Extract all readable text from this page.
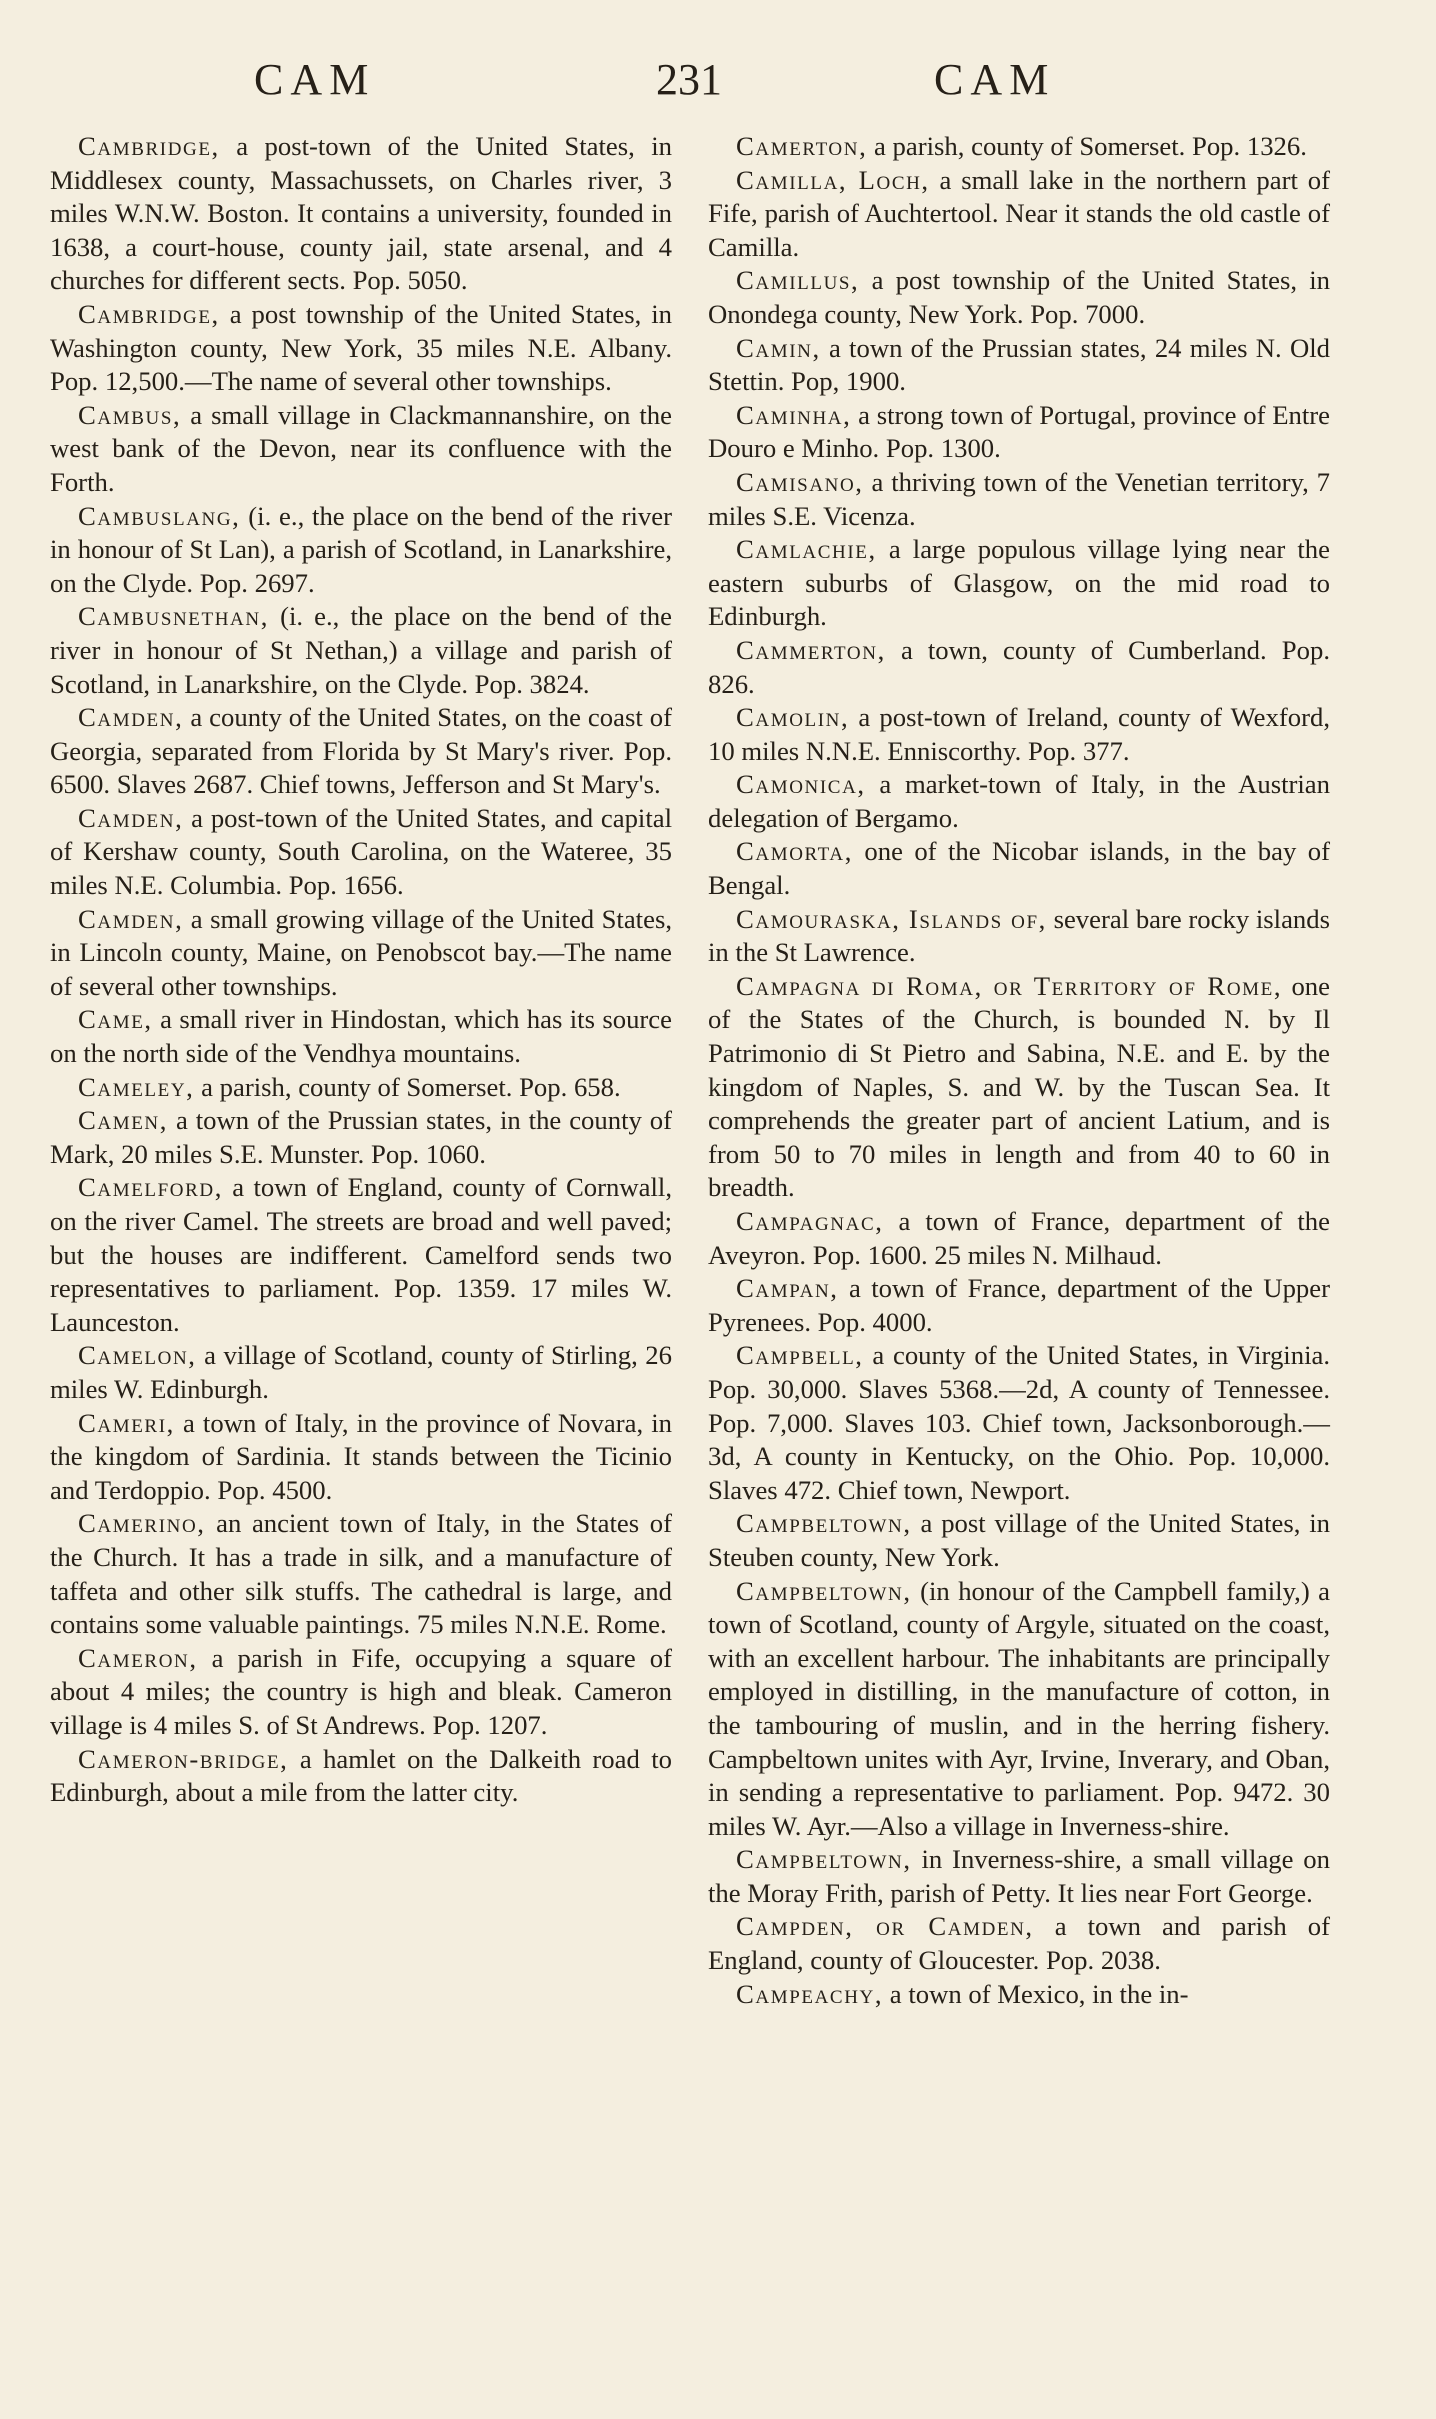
CAM	231	CAM

Cambridge, a post-town of the United States, in Middlesex county, Massachussets, on Charles river, 3 miles W.N.W. Boston. It contains a university, founded in 1638, a court-house, county jail, state arsenal, and 4 churches for different sects. Pop. 5050.

Cambridge, a post township of the United States, in Washington county, New York, 35 miles N.E. Albany. Pop. 12,500.—The name of several other townships.

Cambus, a small village in Clackmannanshire, on the west bank of the Devon, near its confluence with the Forth.

Cambuslang, (i. e., the place on the bend of the river in honour of St Lan), a parish of Scotland, in Lanarkshire, on the Clyde. Pop. 2697.

Cambusnethan, (i. e., the place on the bend of the river in honour of St Nethan,) a village and parish of Scotland, in Lanarkshire, on the Clyde. Pop. 3824.

Camden, a county of the United States, on the coast of Georgia, separated from Florida by St Mary's river. Pop. 6500. Slaves 2687. Chief towns, Jefferson and St Mary's.

Camden, a post-town of the United States, and capital of Kershaw county, South Carolina, on the Wateree, 35 miles N.E. Columbia. Pop. 1656.

Camden, a small growing village of the United States, in Lincoln county, Maine, on Penobscot bay.—The name of several other townships.

Came, a small river in Hindostan, which has its source on the north side of the Vendhya mountains.

Cameley, a parish, county of Somerset. Pop. 658.

Camen, a town of the Prussian states, in the county of Mark, 20 miles S.E. Munster. Pop. 1060.

Camelford, a town of England, county of Cornwall, on the river Camel. The streets are broad and well paved; but the houses are indifferent. Camelford sends two representatives to parliament. Pop. 1359. 17 miles W. Launceston.

Camelon, a village of Scotland, county of Stirling, 26 miles W. Edinburgh.

Cameri, a town of Italy, in the province of Novara, in the kingdom of Sardinia. It stands between the Ticinio and Terdoppio. Pop. 4500.

Camerino, an ancient town of Italy, in the States of the Church. It has a trade in silk, and a manufacture of taffeta and other silk stuffs. The cathedral is large, and contains some valuable paintings. 75 miles N.N.E. Rome.

Cameron, a parish in Fife, occupying a square of about 4 miles; the country is high and bleak. Cameron village is 4 miles S. of St Andrews. Pop. 1207.

Cameron-bridge, a hamlet on the Dalkeith road to Edinburgh, about a mile from the latter city.

Camerton, a parish, county of Somerset. Pop. 1326.

Camilla, Loch, a small lake in the northern part of Fife, parish of Auchtertool. Near it stands the old castle of Camilla.

Camillus, a post township of the United States, in Onondega county, New York. Pop. 7000.

Camin, a town of the Prussian states, 24 miles N. Old Stettin. Pop, 1900.

Caminha, a strong town of Portugal, province of Entre Douro e Minho. Pop. 1300.

Camisano, a thriving town of the Venetian territory, 7 miles S.E. Vicenza.

Camlachie, a large populous village lying near the eastern suburbs of Glasgow, on the mid road to Edinburgh.

Cammerton, a town, county of Cumberland. Pop. 826.

Camolin, a post-town of Ireland, county of Wexford, 10 miles N.N.E. Enniscorthy. Pop. 377.

Camonica, a market-town of Italy, in the Austrian delegation of Bergamo.

Camorta, one of the Nicobar islands, in the bay of Bengal.

Camouraska, Islands of, several bare rocky islands in the St Lawrence.

Campagna di Roma, or Territory of Rome, one of the States of the Church, is bounded N. by Il Patrimonio di St Pietro and Sabina, N.E. and E. by the kingdom of Naples, S. and W. by the Tuscan Sea. It comprehends the greater part of ancient Latium, and is from 50 to 70 miles in length and from 40 to 60 in breadth.

Campagnac, a town of France, department of the Aveyron. Pop. 1600. 25 miles N. Milhaud.

Campan, a town of France, department of the Upper Pyrenees. Pop. 4000.

Campbell, a county of the United States, in Virginia. Pop. 30,000. Slaves 5368.—2d, A county of Tennessee. Pop. 7,000. Slaves 103. Chief town, Jacksonborough.—3d, A county in Kentucky, on the Ohio. Pop. 10,000. Slaves 472. Chief town, Newport.

Campbeltown, a post village of the United States, in Steuben county, New York.

Campbeltown, (in honour of the Campbell family,) a town of Scotland, county of Argyle, situated on the coast, with an excellent harbour. The inhabitants are principally employed in distilling, in the manufacture of cotton, in the tambouring of muslin, and in the herring fishery. Campbeltown unites with Ayr, Irvine, Inverary, and Oban, in sending a representative to parliament. Pop. 9472. 30 miles W. Ayr.—Also a village in Inverness-shire.

Campbeltown, in Inverness-shire, a small village on the Moray Frith, parish of Petty. It lies near Fort George.

Campden, or Camden, a town and parish of England, county of Gloucester. Pop. 2038.

Campeachy, a town of Mexico, in the in-
